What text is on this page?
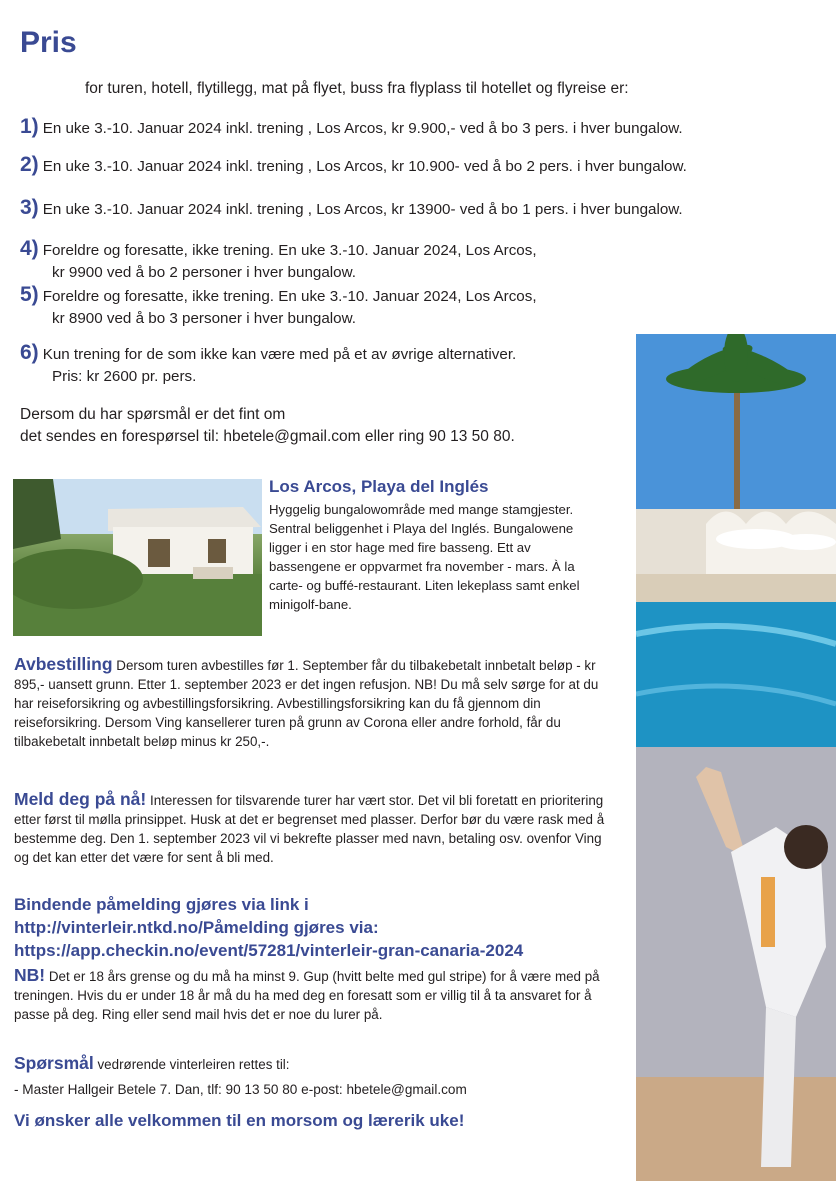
Pris
for turen, hotell, flytillegg, mat på flyet, buss fra flyplass til hotellet og flyreise er:
1) En uke 3.-10. Januar 2024 inkl. trening , Los Arcos, kr 9.900,- ved å bo 3 pers. i hver bungalow.
2) En uke 3.-10. Januar 2024 inkl. trening , Los Arcos, kr 10.900- ved å bo 2 pers. i hver bungalow.
3) En uke 3.-10. Januar 2024 inkl. trening , Los Arcos, kr 13900- ved å bo 1 pers. i hver bungalow.
4) Foreldre og foresatte, ikke trening. En uke 3.-10. Januar 2024, Los Arcos,
kr 9900 ved å bo 2 personer i hver bungalow.
5) Foreldre og foresatte, ikke trening. En uke 3.-10. Januar 2024, Los Arcos,
kr 8900 ved å bo 3 personer i hver bungalow.
6) Kun trening for de som ikke kan være med på et av øvrige alternativer.
Pris: kr 2600 pr. pers.
Dersom du har spørsmål er det fint om
det sendes en forespørsel til: hbetele@gmail.com eller ring 90 13 50 80.
Los Arcos, Playa del Inglés
Hyggelig bungalowområde med mange stamgjester. Sentral beliggenhet i Playa del Inglés. Bungalowene ligger i en stor hage med fire basseng. Ett av bassengene er oppvarmet fra november - mars. À la carte- og buffé-restaurant. Liten lekeplass samt enkel minigolf-bane.
Avbestilling Dersom turen avbestilles før 1. September får du tilbakebetalt innbetalt beløp - kr 895,- uansett grunn. Etter 1. september 2023 er det ingen refusjon. NB! Du må selv sørge for at du har reiseforsikring og avbestillingsforsikring. Avbestillingsforsikring kan du få gjennom din reiseforsikring. Dersom Ving kansellerer turen på grunn av Corona eller andre forhold, får du tilbakebetalt innbetalt beløp minus kr 250,-.
Meld deg på nå! Interessen for tilsvarende turer har vært stor. Det vil bli foretatt en prioritering etter først til mølla prinsippet. Husk at det er begrenset med plasser. Derfor bør du være rask med å bestemme deg. Den 1. september 2023 vil vi bekrefte plasser med navn, betaling osv. ovenfor Ving og det kan etter det være for sent å bli med.
Bindende påmelding gjøres via link i http://vinterleir.ntkd.no/Påmelding gjøres via: https://app.checkin.no/event/57281/vinterleir-gran-canaria-2024
NB! Det er 18 års grense og du må ha minst 9. Gup (hvitt belte med gul stripe) for å være med på treningen. Hvis du er under 18 år må du ha med deg en foresatt som er villig til å ta ansvaret for å passe på deg. Ring eller send mail hvis det er noe du lurer på.
Spørsmål vedrørende vinterleiren rettes til:
- Master Hallgeir Betele 7. Dan, tlf: 90 13 50 80 e-post: hbetele@gmail.com
Vi ønsker alle velkommen til en morsom og lærerik uke!
